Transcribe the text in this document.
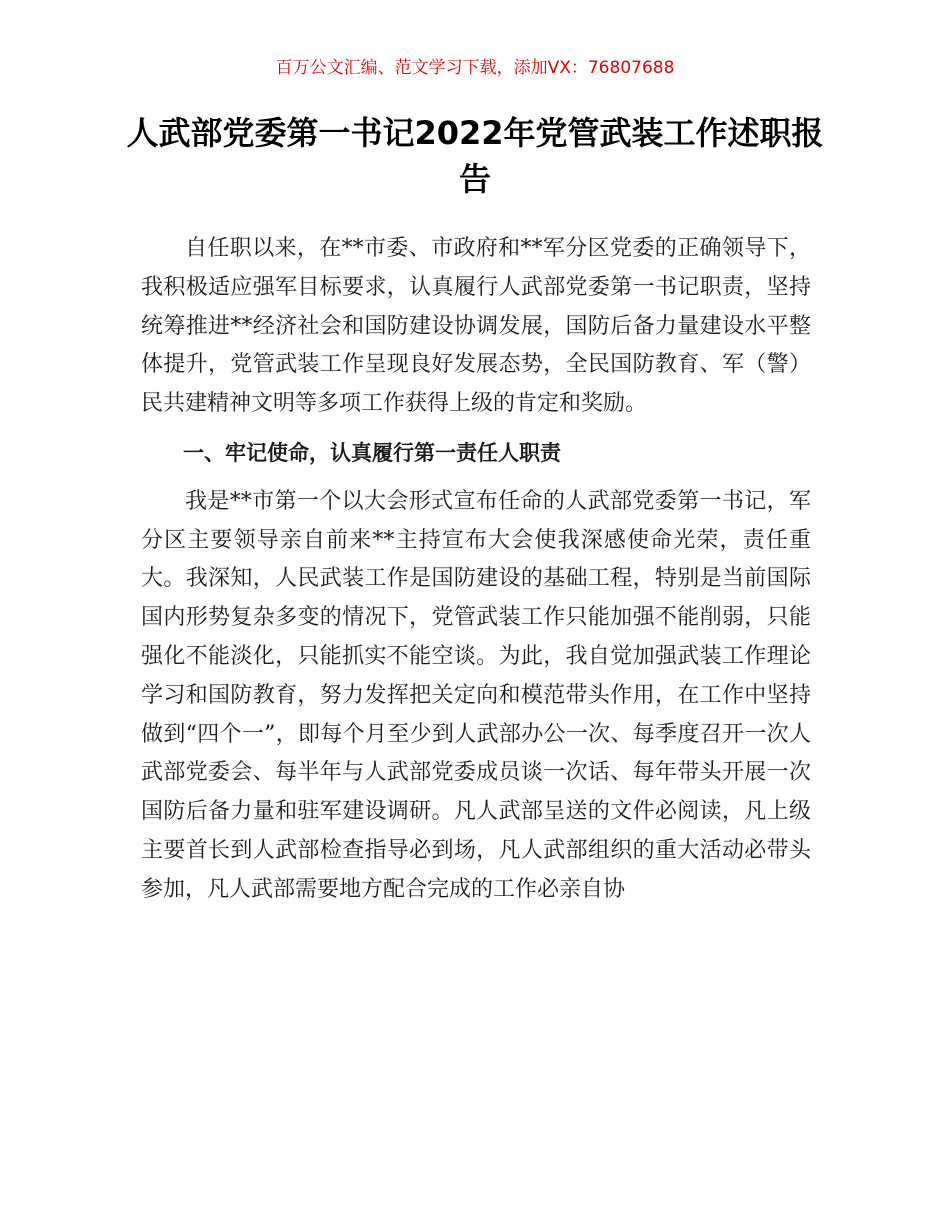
百万公文汇编、范文学习下载，添加VX：76807688
人武部党委第一书记2022年党管武装工作述职报告

自任职以来，在**市委、市政府和**军分区党委的正确领导下，我积极适应强军目标要求，认真履行人武部党委第一书记职责，坚持统筹推进**经济社会和国防建设协调发展，国防后备力量建设水平整体提升，党管武装工作呈现良好发展态势，全民国防教育、军（警）民共建精神文明等多项工作获得上级的肯定和奖励。

一、牢记使命，认真履行第一责任人职责

我是**市第一个以大会形式宣布任命的人武部党委第一书记，军分区主要领导亲自前来**主持宣布大会使我深感使命光荣，责任重大。我深知，人民武装工作是国防建设的基础工程，特别是当前国际国内形势复杂多变的情况下，党管武装工作只能加强不能削弱，只能强化不能淡化，只能抓实不能空谈。为此，我自觉加强武装工作理论学习和国防教育，努力发挥把关定向和模范带头作用，在工作中坚持做到“四个一”，即每个月至少到人武部办公一次、每季度召开一次人武部党委会、每半年与人武部党委成员谈一次话、每年带头开展一次国防后备力量和驻军建设调研。凡人武部呈送的文件必阅读，凡上级主要首长到人武部检查指导必到场，凡人武部组织的重大活动必带头参加，凡人武部需要地方配合完成的工作必亲自协
